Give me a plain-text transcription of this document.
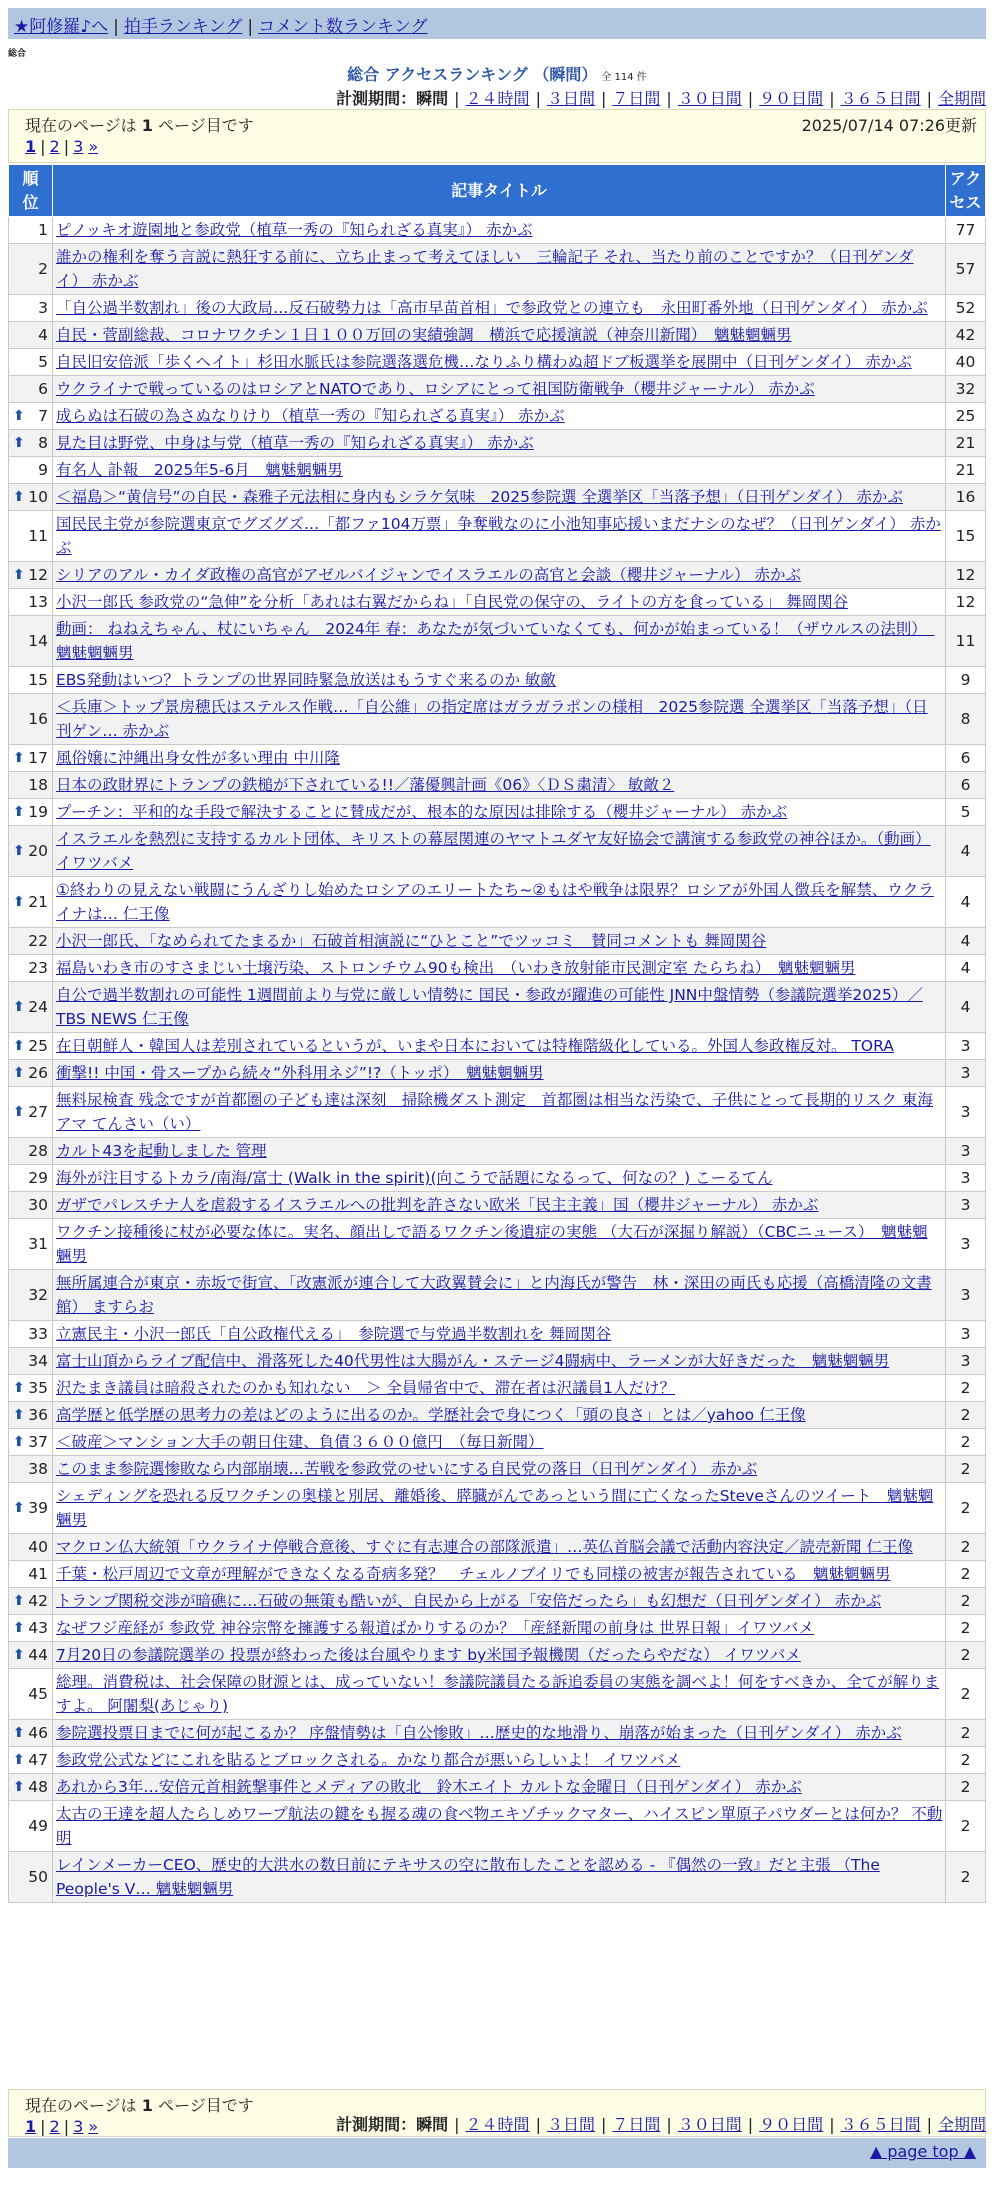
★阿修羅♪へ | 拍手ランキング | コメント数ランキング
総合
総合 アクセスランキング （瞬間） 全 114 件
計測期間：瞬間 | ２４時間 | ３日間 | ７日間 | ３０日間 | ９０日間 | ３６５日間 | 全期間
現在のページは 1 ページ目です	2025/07/14 07:26更新
1 | 2 | 3 »
順位	記事タイトル	アクセス
1	ピノッキオ遊園地と参政党（植草一秀の『知られざる真実』） 赤かぶ	77
2	誰かの権利を奪う言説に熱狂する前に、立ち止まって考えてほしい　三輪記子 それ、当たり前のことですか？（日刊ゲンダイ） 赤かぶ	57
3	「自公過半数割れ」後の大政局…反石破勢力は「高市早苗首相」で参政党との連立も　永田町番外地（日刊ゲンダイ） 赤かぶ	52
4	自民・菅副総裁、コロナワクチン１日１００万回の実績強調　横浜で応援演説（神奈川新聞）　魑魅魍魎男	42
5	自民旧安倍派「歩くヘイト」杉田水脈氏は参院選落選危機…なりふり構わぬ超ドブ板選挙を展開中（日刊ゲンダイ） 赤かぶ	40
6	ウクライナで戦っているのはロシアとNATOであり、ロシアにとって祖国防衛戦争（櫻井ジャーナル） 赤かぶ	32

⬆ 7	成らぬは石破の為さぬなりけり（植草一秀の『知られざる真実』） 赤かぶ	25

⬆ 8	見た目は野党、中身は与党（植草一秀の『知られざる真実』） 赤かぶ	21
9	有名人 訃報　2025年5-6月　魑魅魍魎男	21

⬆ 10	＜福島＞“黄信号”の自民・森雅子元法相に身内もシラケ気味　2025参院選 全選挙区「当落予想」（日刊ゲンダイ） 赤かぶ	16
11	国民民主党が参院選東京でグズグズ…「都ファ104万票」争奪戦なのに小池知事応援いまだナシのなぜ？（日刊ゲンダイ） 赤かぶ	15

⬆ 12	シリアのアル・カイダ政権の高官がアゼルバイジャンでイスラエルの高官と会談（櫻井ジャーナル） 赤かぶ	12
13	小沢一郎氏 参政党の“急伸”を分析「あれは右翼だからね」「自民党の保守の、ライトの方を食っている」 舞岡関谷	12
14	動画： ねねえちゃん、杖にいちゃん　2024年 春：あなたが気づいていなくても、何かが始まっている！（ザウルスの法則）　魑魅魍魎男	11
15	EBS発動はいつ？トランプの世界同時緊急放送はもうすぐ来るのか 敏敵	9
16	＜兵庫＞トップ景房穂氏はステルス作戦…「自公維」の指定席はガラガラポンの様相　2025参院選 全選挙区「当落予想」（日刊ゲン… 赤かぶ	8

⬆ 17	風俗嬢に沖縄出身女性が多い理由 中川隆	6
18	日本の政財界にトランプの鉄槌が下されている!!／藩優興計画《06》〈ＤＳ粛清〉 敏敵２	6

⬆ 19	プーチン：平和的な手段で解決することに賛成だが、根本的な原因は排除する（櫻井ジャーナル） 赤かぶ	5

⬆ 20	イスラエルを熱烈に支持するカルト団体、キリストの幕屋関連のヤマトユダヤ友好協会で講演する参政党の神谷ほか。（動画） イワツバメ	4

⬆ 21	①終わりの見えない戦闘にうんざりし始めたロシアのエリートたち~②もはや戦争は限界？ロシアが外国人徴兵を解禁、ウクライナは… 仁王像	4
22	小沢一郎氏、「なめられてたまるか」石破首相演説に“ひとこと”でツッコミ　賛同コメントも 舞岡関谷	4
23	福島いわき市のすさまじい土壌汚染、ストロンチウム90も検出　（いわき放射能市民測定室 たらちね）　魑魅魍魎男	4

⬆ 24	自公で過半数割れの可能性 1週間前より与党に厳しい情勢に 国民・参政が躍進の可能性 JNN中盤情勢（参議院選挙2025）／TBS NEWS 仁王像	4

⬆ 25	在日朝鮮人・韓国人は差別されているというが、いまや日本においては特権階級化している。外国人参政権反対。 TORA	3

⬆ 26	衝撃!! 中国・骨スープから続々“外科用ネジ”!?（トッポ）　魑魅魍魎男	3

⬆ 27	無料尿検査 残念ですが首都圏の子ども達は深刻　掃除機ダスト測定　首都圏は相当な汚染で、子供にとって長期的リスク 東海アマ てんさい（い）	3
28	カルト43を起動しました 管理	3
29	海外が注目するトカラ/南海/富士 (Walk in the spirit)(向こうで話題になるって、何なの？) こーるてん	3
30	ガザでパレスチナ人を虐殺するイスラエルへの批判を許さない欧米「民主主義」国（櫻井ジャーナル） 赤かぶ	3
31	ワクチン接種後に杖が必要な体に。実名、顔出しで語るワクチン後遺症の実態 （大石が深掘り解説）（CBCニュース）　魑魅魍魎男	3
32	無所属連合が東京・赤坂で街宣、「改憲派が連合して大政翼賛会に」と内海氏が警告　林・深田の両氏も応援（高橋清隆の文書館） ますらお	3
33	立憲民主・小沢一郎氏「自公政権代える」　参院選で与党過半数割れを 舞岡関谷	3
34	富士山頂からライブ配信中、滑落死した40代男性は大腸がん・ステージ4闘病中、ラーメンが大好きだった　魑魅魍魎男	3

⬆ 35	沢たまき議員は暗殺されたのかも知れない　＞ 全員帰省中で、滞在者は沢議員1人だけ？	2

⬆ 36	高学歴と低学歴の思考力の差はどのように出るのか。学歴社会で身につく「頭の良さ」とは／yahoo 仁王像	2

⬆ 37	＜破産＞マンション大手の朝日住建、負債３６００億円　（毎日新聞）	2
38	このまま参院選惨敗なら内部崩壊…苦戦を参政党のせいにする自民党の落日（日刊ゲンダイ） 赤かぶ	2

⬆ 39	シェディングを恐れる反ワクチンの奥様と別居、離婚後、膵臓がんであっという間に亡くなったSteveさんのツイート　魑魅魍魎男	2
40	マクロン仏大統領「ウクライナ停戦合意後、すぐに有志連合の部隊派遣」…英仏首脳会議で活動内容決定／読売新聞 仁王像	2
41	千葉・松戸周辺で文章が理解ができなくなる奇病多発？　チェルノブイリでも同様の被害が報告されている　魑魅魍魎男	2

⬆ 42	トランプ関税交渉が暗礁に…石破の無策も酷いが、自民から上がる「安倍だったら」も幻想だ（日刊ゲンダイ） 赤かぶ	2

⬆ 43	なぜフジ産経が 参政党 神谷宗幣を擁護する報道ばかりするのか？「産経新聞の前身は 世界日報」イワツバメ	2

⬆ 44	7月20日の参議院選挙の 投票が終わった後は台風やります by米国予報機関（だったらやだな） イワツバメ	2
45	総理。消費税は、社会保障の財源とは、成っていない！参議院議員たる訴追委員の実態を調べよ！何をすべきか、全てが解りますよ。 阿闍梨(あじゃり)	2

⬆ 46	参院選投票日までに何が起こるか？ 序盤情勢は「自公惨敗」…歴史的な地滑り、崩落が始まった（日刊ゲンダイ） 赤かぶ	2

⬆ 47	参政党公式などにこれを貼るとブロックされる。かなり都合が悪いらしいよ！ イワツバメ	2

⬆ 48	あれから3年…安倍元首相銃撃事件とメディアの敗北　鈴木エイト カルトな金曜日（日刊ゲンダイ） 赤かぶ	2
49	太古の王達を超人たらしめワープ航法の鍵をも握る魂の食べ物エキゾチックマター、ハイスピン單原子パウダーとは何か？ 不動明	2
50	レインメーカーCEO、歴史的大洪水の数日前にテキサスの空に散布したことを認める - 『偶然の一致』だと主張 （The People's V… 魑魅魍魎男	2
現在のページは 1 ページ目です
1 | 2 | 3 »	計測期間：瞬間 | ２４時間 | ３日間 | ７日間 | ３０日間 | ９０日間 | ３６５日間 | 全期間
▲ page top ▲
